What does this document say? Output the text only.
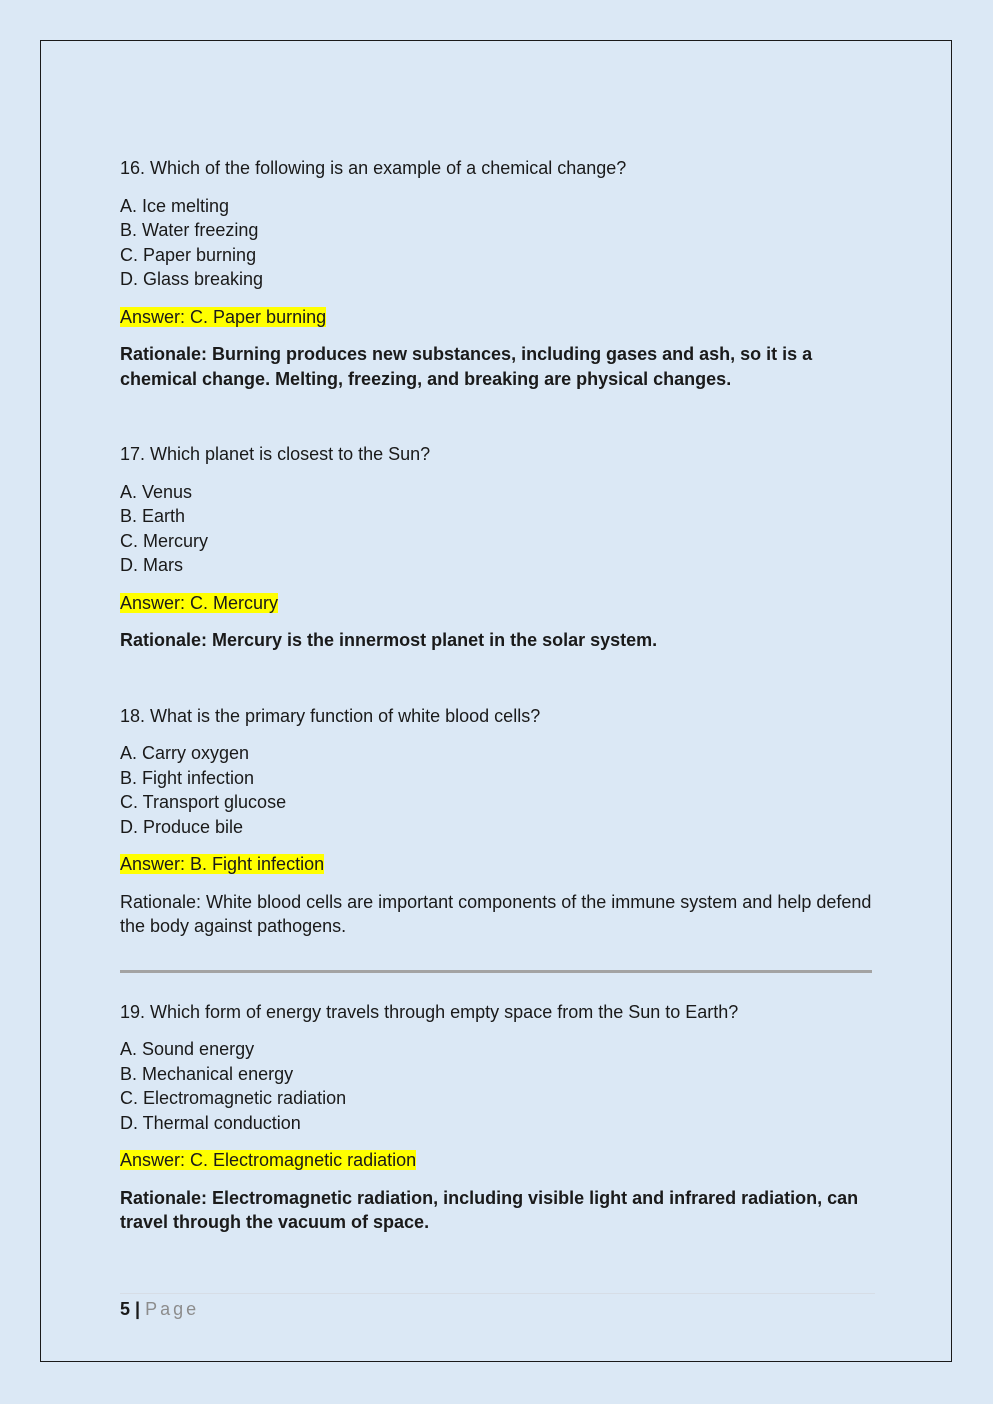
16. Which of the following is an example of a chemical change?

A. Ice melting
B. Water freezing
C. Paper burning
D. Glass breaking

Answer: C. Paper burning

Rationale: Burning produces new substances, including gases and ash, so it is a chemical change. Melting, freezing, and breaking are physical changes.

17. Which planet is closest to the Sun?

A. Venus
B. Earth
C. Mercury
D. Mars

Answer: C. Mercury

Rationale: Mercury is the innermost planet in the solar system.

18. What is the primary function of white blood cells?

A. Carry oxygen
B. Fight infection
C. Transport glucose
D. Produce bile

Answer: B. Fight infection

Rationale: White blood cells are important components of the immune system and help defend the body against pathogens.

19. Which form of energy travels through empty space from the Sun to Earth?

A. Sound energy
B. Mechanical energy
C. Electromagnetic radiation
D. Thermal conduction

Answer: C. Electromagnetic radiation

Rationale: Electromagnetic radiation, including visible light and infrared radiation, can travel through the vacuum of space.

5 | Page
